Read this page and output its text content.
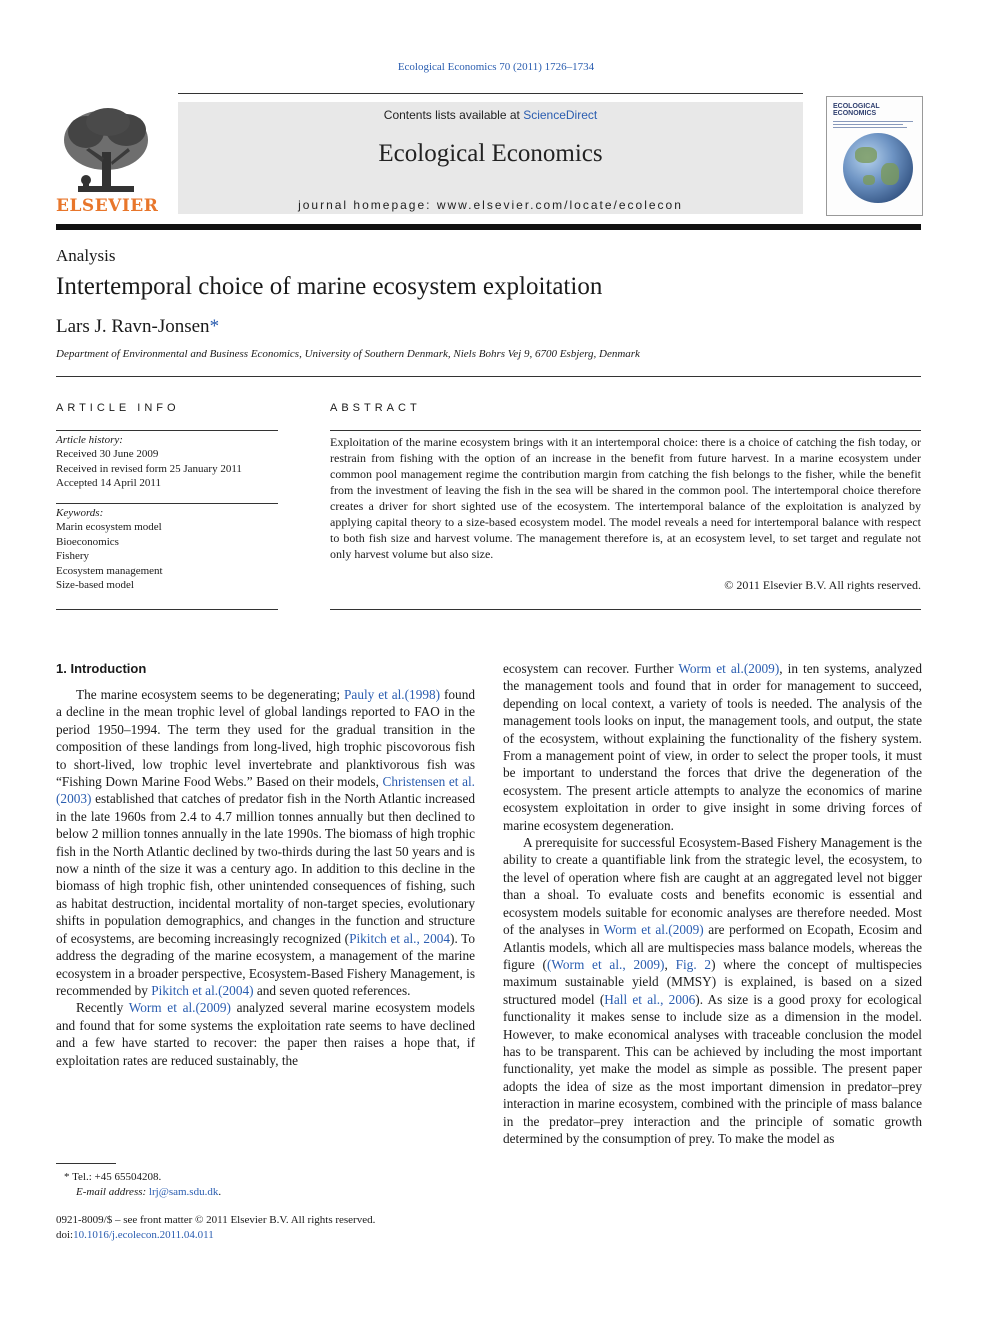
Ecological Economics 70 (2011) 1726–1734
ELSEVIER
Contents lists available at ScienceDirect
Ecological Economics
journal homepage: www.elsevier.com/locate/ecolecon
ECOLOGICAL
ECONOMICS
Analysis
Intertemporal choice of marine ecosystem exploitation
Lars J. Ravn-Jonsen*
Department of Environmental and Business Economics, University of Southern Denmark, Niels Bohrs Vej 9, 6700 Esbjerg, Denmark
ARTICLE INFO
Article history:
Received 30 June 2009
Received in revised form 25 January 2011
Accepted 14 April 2011
Keywords:
Marin ecosystem model
Bioeconomics
Fishery
Ecosystem management
Size-based model
ABSTRACT
Exploitation of the marine ecosystem brings with it an intertemporal choice: there is a choice of catching the fish today, or restrain from fishing with the option of an increase in the benefit from future harvest. In a marine ecosystem under common pool management regime the contribution margin from catching the fish belongs to the fisher, while the benefit from the investment of leaving the fish in the sea will be shared in the common pool. The intertemporal choice therefore creates a driver for short sighted use of the ecosystem. The intertemporal balance of the exploitation is analyzed by applying capital theory to a size-based ecosystem model. The model reveals a need for intertemporal balance with respect to both fish size and harvest volume. The management therefore is, at an ecosystem level, to set target and regulate not only harvest volume but also size.
© 2011 Elsevier B.V. All rights reserved.
1. Introduction

The marine ecosystem seems to be degenerating; Pauly et al.(1998) found a decline in the mean trophic level of global landings reported to FAO in the period 1950–1994. The term they used for the gradual transition in the composition of these landings from long-lived, high trophic piscovorous fish to short-lived, low trophic level invertebrate and planktivorous fish was “Fishing Down Marine Food Webs.” Based on their models, Christensen et al.(2003) established that catches of predator fish in the North Atlantic increased in the late 1960s from 2.4 to 4.7 million tonnes annually but then declined to below 2 million tonnes annually in the late 1990s. The biomass of high trophic fish in the North Atlantic declined by two-thirds during the last 50 years and is now a ninth of the size it was a century ago. In addition to this decline in the biomass of high trophic fish, other unintended consequences of fishing, such as habitat destruction, incidental mortality of non-target species, evolutionary shifts in population demographics, and changes in the function and structure of ecosystems, are becoming increasingly recognized (Pikitch et al., 2004). To address the degrading of the marine ecosystem, a management of the marine ecosystem in a broader perspective, Ecosystem-Based Fishery Management, is recommended by Pikitch et al.(2004) and seven quoted references.

Recently Worm et al.(2009) analyzed several marine ecosystem models and found that for some systems the exploitation rate seems to have declined and a few have started to recover: the paper then raises a hope that, if exploitation rates are reduced sustainably, the

ecosystem can recover. Further Worm et al.(2009), in ten systems, analyzed the management tools and found that in order for management to succeed, depending on local context, a variety of tools is needed. The analysis of the management tools looks on input, the management tools, and output, the state of the ecosystem, without explaining the functionality of the fishery system. From a management point of view, in order to select the proper tools, it must be important to understand the forces that drive the degeneration of the ecosystem. The present article attempts to analyze the economics of marine ecosystem exploitation in order to give insight in some driving forces of marine ecosystem degeneration.

A prerequisite for successful Ecosystem-Based Fishery Management is the ability to create a quantifiable link from the strategic level, the ecosystem, to the level of operation where fish are caught at an aggregated level not bigger than a shoal. To evaluate costs and benefits economic is essential and ecosystem models suitable for economic analyses are therefore needed. Most of the analyses in Worm et al.(2009) are performed on Ecopath, Ecosim and Atlantis models, which all are multispecies mass balance models, whereas the figure ((Worm et al., 2009), Fig. 2) where the concept of multispecies maximum sustainable yield (MMSY) is explained, is based on a sized structured model (Hall et al., 2006). As size is a good proxy for ecological functionality it makes sense to include size as a dimension in the model. However, to make economical analyses with traceable conclusion the model has to be transparent. This can be achieved by including the most important functionality, yet make the model as simple as possible. The present paper adopts the idea of size as the most important dimension in predator–prey interaction in marine ecosystem, combined with the principle of mass balance in the predator–prey interaction and the principle of somatic growth determined by the consumption of prey. To make the model as

* Tel.: +45 65504208.
E-mail address: lrj@sam.sdu.dk.
0921-8009/$ – see front matter © 2011 Elsevier B.V. All rights reserved.
doi:10.1016/j.ecolecon.2011.04.011
